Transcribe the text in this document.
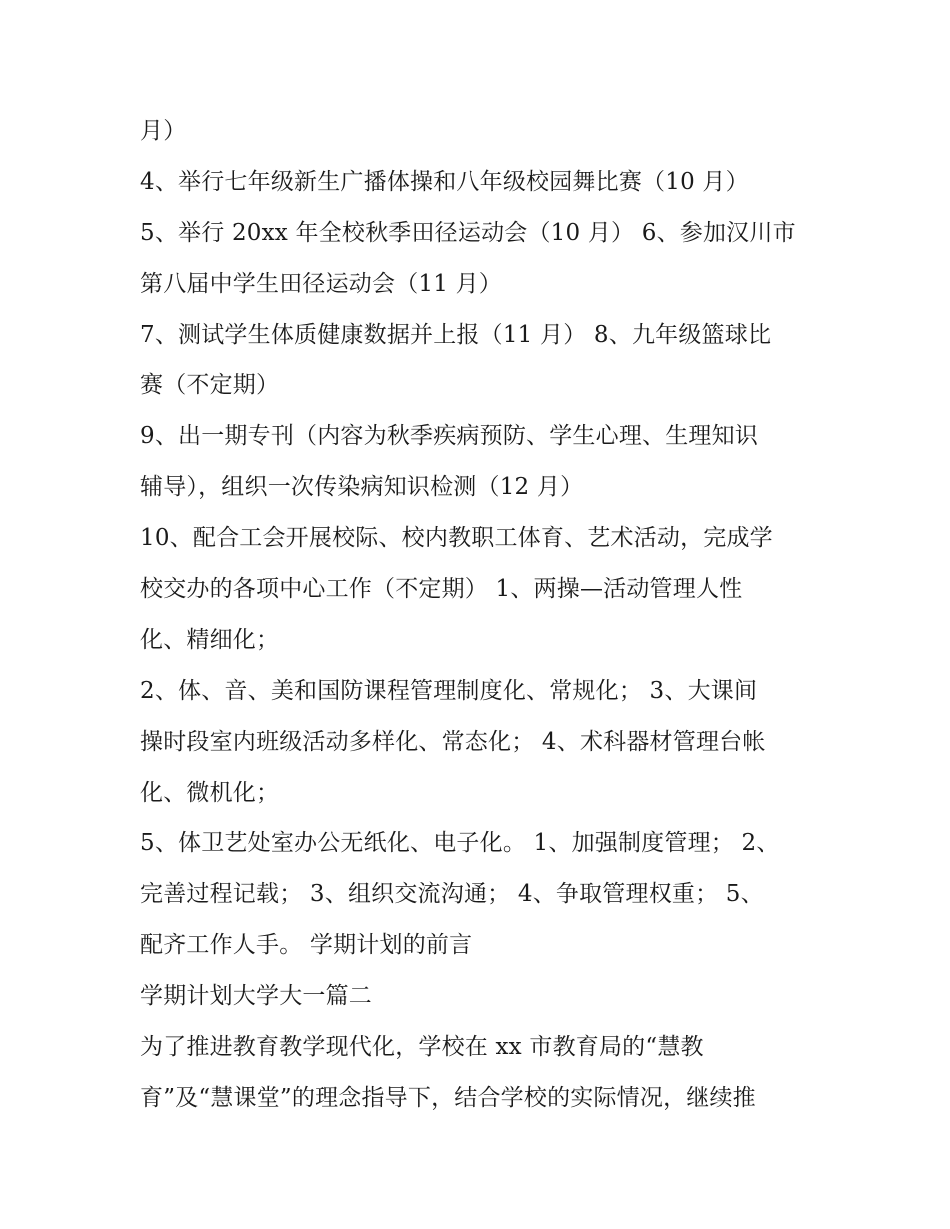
月）
4、举行七年级新生广播体操和八年级校园舞比赛（10 月）
5、举行 20xx 年全校秋季田径运动会（10 月） 6、参加汉川市
第八届中学生田径运动会（11 月）
7、测试学生体质健康数据并上报（11 月） 8、九年级篮球比
赛（不定期）
9、出一期专刊（内容为秋季疾病预防、学生心理、生理知识
辅导），组织一次传染病知识检测（12 月）
10、配合工会开展校际、校内教职工体育、艺术活动，完成学
校交办的各项中心工作（不定期） 1、两操—活动管理人性
化、精细化；
2、体、音、美和国防课程管理制度化、常规化； 3、大课间
操时段室内班级活动多样化、常态化； 4、术科器材管理台帐
化、微机化；
5、体卫艺处室办公无纸化、电子化。 1、加强制度管理； 2、
完善过程记载； 3、组织交流沟通； 4、争取管理权重； 5、
配齐工作人手。 学期计划的前言
学期计划大学大一篇二
为了推进教育教学现代化，学校在 xx 市教育局的“慧教
育”及“慧课堂”的理念指导下，结合学校的实际情况，继续推
